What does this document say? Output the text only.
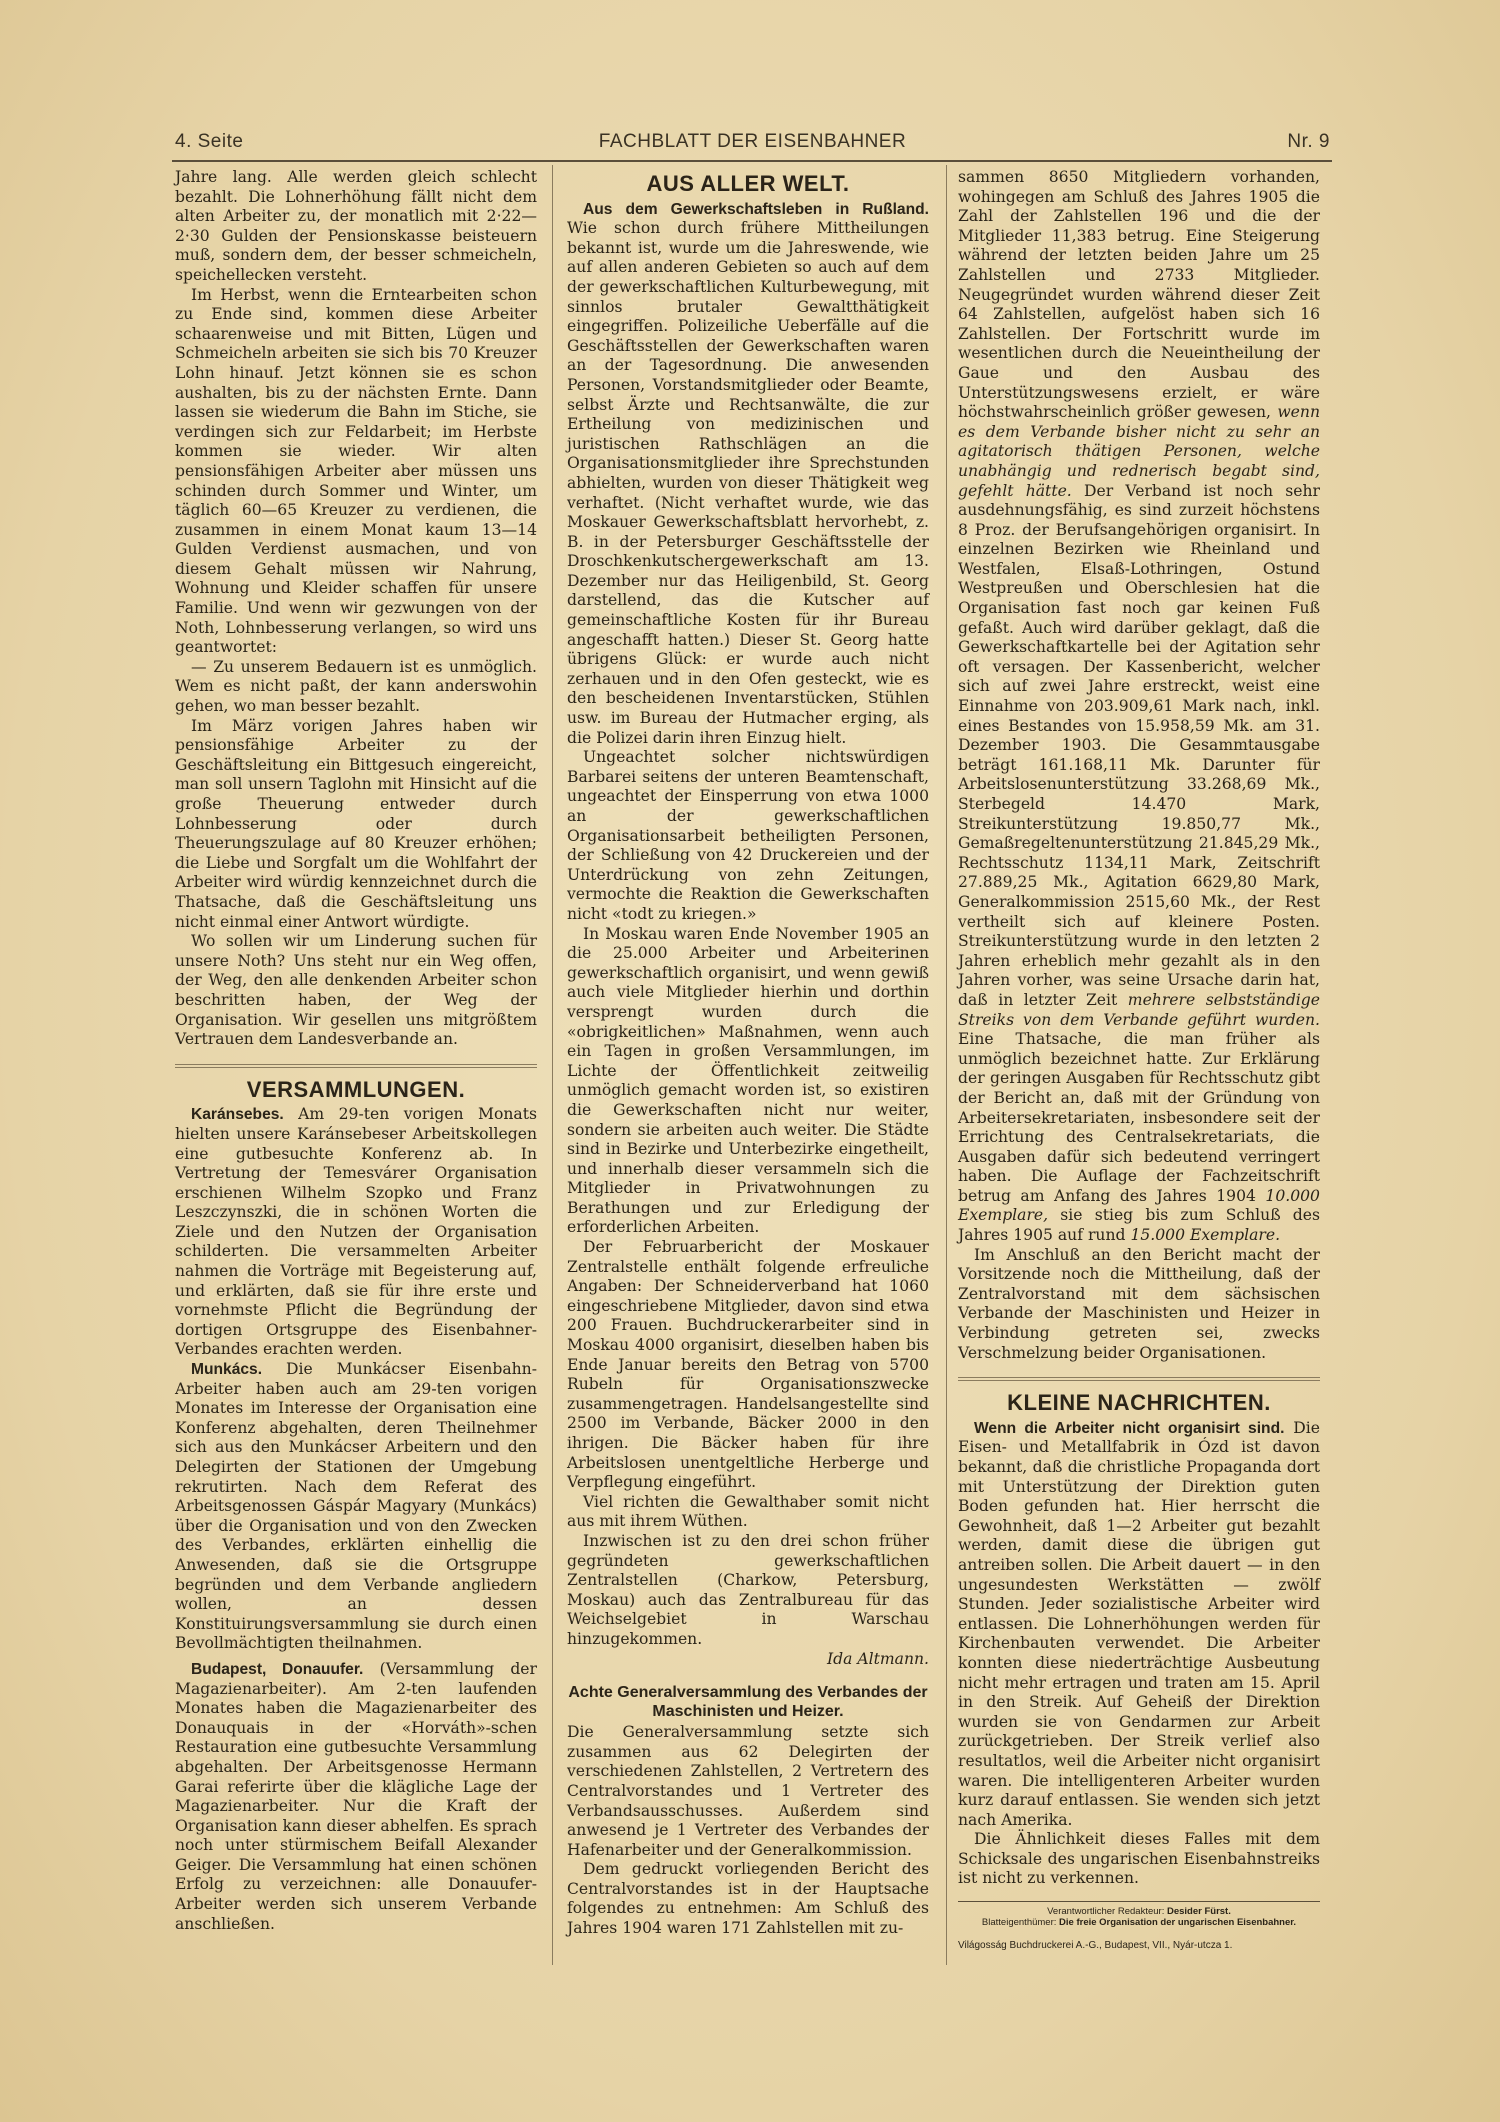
4. Seite	FACHBLATT DER EISENBAHNER	Nr. 9

Jahre lang. Alle werden gleich schlecht bezahlt. Die Lohnerhöhung fällt nicht dem alten Arbeiter zu, der monatlich mit 2·22—2·30 Gulden der Pensionskasse beisteuern muß, sondern dem, der besser schmeicheln, speichellecken versteht.

Im Herbst, wenn die Erntearbeiten schon zu Ende sind, kommen diese Arbeiter schaarenweise und mit Bitten, Lügen und Schmeicheln arbeiten sie sich bis 70 Kreuzer Lohn hinauf. Jetzt können sie es schon aushalten, bis zu der nächsten Ernte. Dann lassen sie wiederum die Bahn im Stiche, sie verdingen sich zur Feldarbeit; im Herbste kommen sie wieder. Wir alten pensionsfähigen Arbeiter aber müssen uns schinden durch Sommer und Winter, um täglich 60—65 Kreuzer zu verdienen, die zusammen in einem Monat kaum 13—14 Gulden Verdienst ausmachen, und von diesem Gehalt müssen wir Nahrung, Wohnung und Kleider schaffen für unsere Familie. Und wenn wir gezwungen von der Noth, Lohnbesserung verlangen, so wird uns geantwortet:

— Zu unserem Bedauern ist es unmöglich. Wem es nicht paßt, der kann anderswohin gehen, wo man besser bezahlt.

Im März vorigen Jahres haben wir pensionsfähige Arbeiter zu der Geschäftsleitung ein Bittgesuch eingereicht, man soll unsern Taglohn mit Hinsicht auf die große Theuerung entweder durch Lohnbesserung oder durch Theuerungszulage auf 80 Kreuzer erhöhen; die Liebe und Sorgfalt um die Wohlfahrt der Arbeiter wird würdig kennzeichnet durch die Thatsache, daß die Geschäftsleitung uns nicht einmal einer Antwort würdigte.

Wo sollen wir um Linderung suchen für unsere Noth? Uns steht nur ein Weg offen, der Weg, den alle denkenden Arbeiter schon beschritten haben, der Weg der Organisation. Wir gesellen uns mitgrößtem Vertrauen dem Landesverbande an.

VERSAMMLUNGEN.

Karánsebes. Am 29-ten vorigen Monats hielten unsere Karánsebeser Arbeitskollegen eine gutbesuchte Konferenz ab. In Vertretung der Temesvárer Organisation erschienen Wilhelm Szopko und Franz Leszczynszki, die in schönen Worten die Ziele und den Nutzen der Organisation schilderten. Die versammelten Arbeiter nahmen die Vorträge mit Begeisterung auf, und erklärten, daß sie für ihre erste und vornehmste Pflicht die Begründung der dortigen Ortsgruppe des Eisenbahner-Verbandes erachten werden.

Munkács. Die Munkácser Eisenbahn-Arbeiter haben auch am 29-ten vorigen Monates im Interesse der Organisation eine Konferenz abgehalten, deren Theilnehmer sich aus den Munkácser Arbeitern und den Delegirten der Stationen der Umgebung rekrutirten. Nach dem Referat des Arbeitsgenossen Gáspár Magyary (Munkács) über die Organisation und von den Zwecken des Verbandes, erklärten einhellig die Anwesenden, daß sie die Ortsgruppe begründen und dem Verbande angliedern wollen, an dessen Konstituirungsversammlung sie durch einen Bevollmächtigten theilnahmen.

Budapest, Donauufer. (Versammlung der Magazienarbeiter). Am 2-ten laufenden Monates haben die Magazienarbeiter des Donauquais in der «Horváth»-schen Restauration eine gutbesuchte Versammlung abgehalten. Der Arbeitsgenosse Hermann Garai referirte über die klägliche Lage der Magazienarbeiter. Nur die Kraft der Organisation kann dieser abhelfen. Es sprach noch unter stürmischem Beifall Alexander Geiger. Die Versammlung hat einen schönen Erfolg zu verzeichnen: alle Donauufer-Arbeiter werden sich unserem Verbande anschließen.

AUS ALLER WELT.

Aus dem Gewerkschaftsleben in Rußland. Wie schon durch frühere Mittheilungen bekannt ist, wurde um die Jahreswende, wie auf allen anderen Gebieten so auch auf dem der gewerkschaftlichen Kulturbewegung, mit sinnlos brutaler Gewaltthätigkeit eingegriffen. Polizeiliche Ueberfälle auf die Geschäftsstellen der Gewerkschaften waren an der Tagesordnung. Die anwesenden Personen, Vorstandsmitglieder oder Beamte, selbst Ärzte und Rechtsanwälte, die zur Ertheilung von medizinischen und juristischen Rathschlägen an die Organisationsmitglieder ihre Sprechstunden abhielten, wurden von dieser Thätigkeit weg verhaftet. (Nicht verhaftet wurde, wie das Moskauer Gewerkschaftsblatt hervorhebt, z. B. in der Petersburger Geschäftsstelle der Droschkenkutschergewerkschaft am 13. Dezember nur das Heiligenbild, St. Georg darstellend, das die Kutscher auf gemeinschaftliche Kosten für ihr Bureau angeschafft hatten.) Dieser St. Georg hatte übrigens Glück: er wurde auch nicht zerhauen und in den Ofen gesteckt, wie es den bescheidenen Inventarstücken, Stühlen usw. im Bureau der Hutmacher erging, als die Polizei darin ihren Einzug hielt.

Ungeachtet solcher nichtswürdigen Barbarei seitens der unteren Beamtenschaft, ungeachtet der Einsperrung von etwa 1000 an der gewerkschaftlichen Organisationsarbeit betheiligten Personen, der Schließung von 42 Druckereien und der Unterdrückung von zehn Zeitungen, vermochte die Reaktion die Gewerkschaften nicht «todt zu kriegen.»

In Moskau waren Ende November 1905 an die 25.000 Arbeiter und Arbeiterinen gewerkschaftlich organisirt, und wenn gewiß auch viele Mitglieder hierhin und dorthin versprengt wurden durch die «obrigkeitlichen» Maßnahmen, wenn auch ein Tagen in großen Versammlungen, im Lichte der Öffentlichkeit zeitweilig unmöglich gemacht worden ist, so existiren die Gewerkschaften nicht nur weiter, sondern sie arbeiten auch weiter. Die Städte sind in Bezirke und Unterbezirke eingetheilt, und innerhalb dieser versammeln sich die Mitglieder in Privatwohnungen zu Berathungen und zur Erledigung der erforderlichen Arbeiten.

Der Februarbericht der Moskauer Zentralstelle enthält folgende erfreuliche Angaben: Der Schneiderverband hat 1060 eingeschriebene Mitglieder, davon sind etwa 200 Frauen. Buchdruckerarbeiter sind in Moskau 4000 organisirt, dieselben haben bis Ende Januar bereits den Betrag von 5700 Rubeln für Organisationszwecke zusammengetragen. Handelsangestellte sind 2500 im Verbande, Bäcker 2000 in den ihrigen. Die Bäcker haben für ihre Arbeitslosen unentgeltliche Herberge und Verpflegung eingeführt.

Viel richten die Gewalthaber somit nicht aus mit ihrem Wüthen.

Inzwischen ist zu den drei schon früher gegründeten gewerkschaftlichen Zentralstellen (Charkow, Petersburg, Moskau) auch das Zentralbureau für das Weichselgebiet in Warschau hinzugekommen.

Ida Altmann.
Achte Generalversammlung des Verbandes der Maschinisten und Heizer.

Die Generalversammlung setzte sich zusammen aus 62 Delegirten der verschiedenen Zahlstellen, 2 Vertretern des Centralvorstandes und 1 Vertreter des Verbandsausschusses. Außerdem sind anwesend je 1 Vertreter des Verbandes der Hafenarbeiter und der Generalkommission.

Dem gedruckt vorliegenden Bericht des Centralvorstandes ist in der Hauptsache folgendes zu entnehmen: Am Schluß des Jahres 1904 waren 171 Zahlstellen mit zu-

sammen 8650 Mitgliedern vorhanden, wohingegen am Schluß des Jahres 1905 die Zahl der Zahlstellen 196 und die der Mitglieder 11,383 betrug. Eine Steigerung während der letzten beiden Jahre um 25 Zahlstellen und 2733 Mitglieder. Neugegründet wurden während dieser Zeit 64 Zahlstellen, aufgelöst haben sich 16 Zahlstellen. Der Fortschritt wurde im wesentlichen durch die Neueintheilung der Gaue und den Ausbau des Unterstützungswesens erzielt, er wäre höchstwahrscheinlich größer gewesen, wenn es dem Verbande bisher nicht zu sehr an agitatorisch thätigen Personen, welche unabhängig und rednerisch begabt sind, gefehlt hätte. Der Verband ist noch sehr ausdehnungsfähig, es sind zurzeit höchstens 8 Proz. der Berufsangehörigen organisirt. In einzelnen Bezirken wie Rheinland und Westfalen, Elsaß-Lothringen, Ostund Westpreußen und Oberschlesien hat die Organisation fast noch gar keinen Fuß gefaßt. Auch wird darüber geklagt, daß die Gewerkschaftkartelle bei der Agitation sehr oft versagen. Der Kassenbericht, welcher sich auf zwei Jahre erstreckt, weist eine Einnahme von 203.909,61 Mark nach, inkl. eines Bestandes von 15.958,59 Mk. am 31. Dezember 1903. Die Gesammtausgabe beträgt 161.168,11 Mk. Darunter für Arbeitslosenunterstützung 33.268,69 Mk., Sterbegeld 14.470 Mark, Streikunterstützung 19.850,77 Mk., Gemaßregeltenunterstützung 21.845,29 Mk., Rechtsschutz 1134,11 Mark, Zeitschrift 27.889,25 Mk., Agitation 6629,80 Mark, Generalkommission 2515,60 Mk., der Rest vertheilt sich auf kleinere Posten. Streikunterstützung wurde in den letzten 2 Jahren erheblich mehr gezahlt als in den Jahren vorher, was seine Ursache darin hat, daß in letzter Zeit mehrere selbstständige Streiks von dem Verbande geführt wurden. Eine Thatsache, die man früher als unmöglich bezeichnet hatte. Zur Erklärung der geringen Ausgaben für Rechtsschutz gibt der Bericht an, daß mit der Gründung von Arbeitersekretariaten, insbesondere seit der Errichtung des Centralsekretariats, die Ausgaben dafür sich bedeutend verringert haben. Die Auflage der Fachzeitschrift betrug am Anfang des Jahres 1904 10.000 Exemplare, sie stieg bis zum Schluß des Jahres 1905 auf rund 15.000 Exemplare.

Im Anschluß an den Bericht macht der Vorsitzende noch die Mittheilung, daß der Zentralvorstand mit dem sächsischen Verbande der Maschinisten und Heizer in Verbindung getreten sei, zwecks Verschmelzung beider Organisationen.

KLEINE NACHRICHTEN.

Wenn die Arbeiter nicht organisirt sind. Die Eisen- und Metallfabrik in Ózd ist davon bekannt, daß die christliche Propaganda dort mit Unterstützung der Direktion guten Boden gefunden hat. Hier herrscht die Gewohnheit, daß 1—2 Arbeiter gut bezahlt werden, damit diese die übrigen gut antreiben sollen. Die Arbeit dauert — in den ungesundesten Werkstätten — zwölf Stunden. Jeder sozialistische Arbeiter wird entlassen. Die Lohnerhöhungen werden für Kirchenbauten verwendet. Die Arbeiter konnten diese niederträchtige Ausbeutung nicht mehr ertragen und traten am 15. April in den Streik. Auf Geheiß der Direktion wurden sie von Gendarmen zur Arbeit zurückgetrieben. Der Streik verlief also resultatlos, weil die Arbeiter nicht organisirt waren. Die intelligenteren Arbeiter wurden kurz darauf entlassen. Sie wenden sich jetzt nach Amerika.

Die Ähnlichkeit dieses Falles mit dem Schicksale des ungarischen Eisenbahnstreiks ist nicht zu verkennen.

Verantwortlicher Redakteur: Desider Fürst.
Blatteigenthümer: Die freie Organisation der ungarischen Eisenbahner.
Világosság Buchdruckerei A.-G., Budapest, VII., Nyár-utcza 1.
